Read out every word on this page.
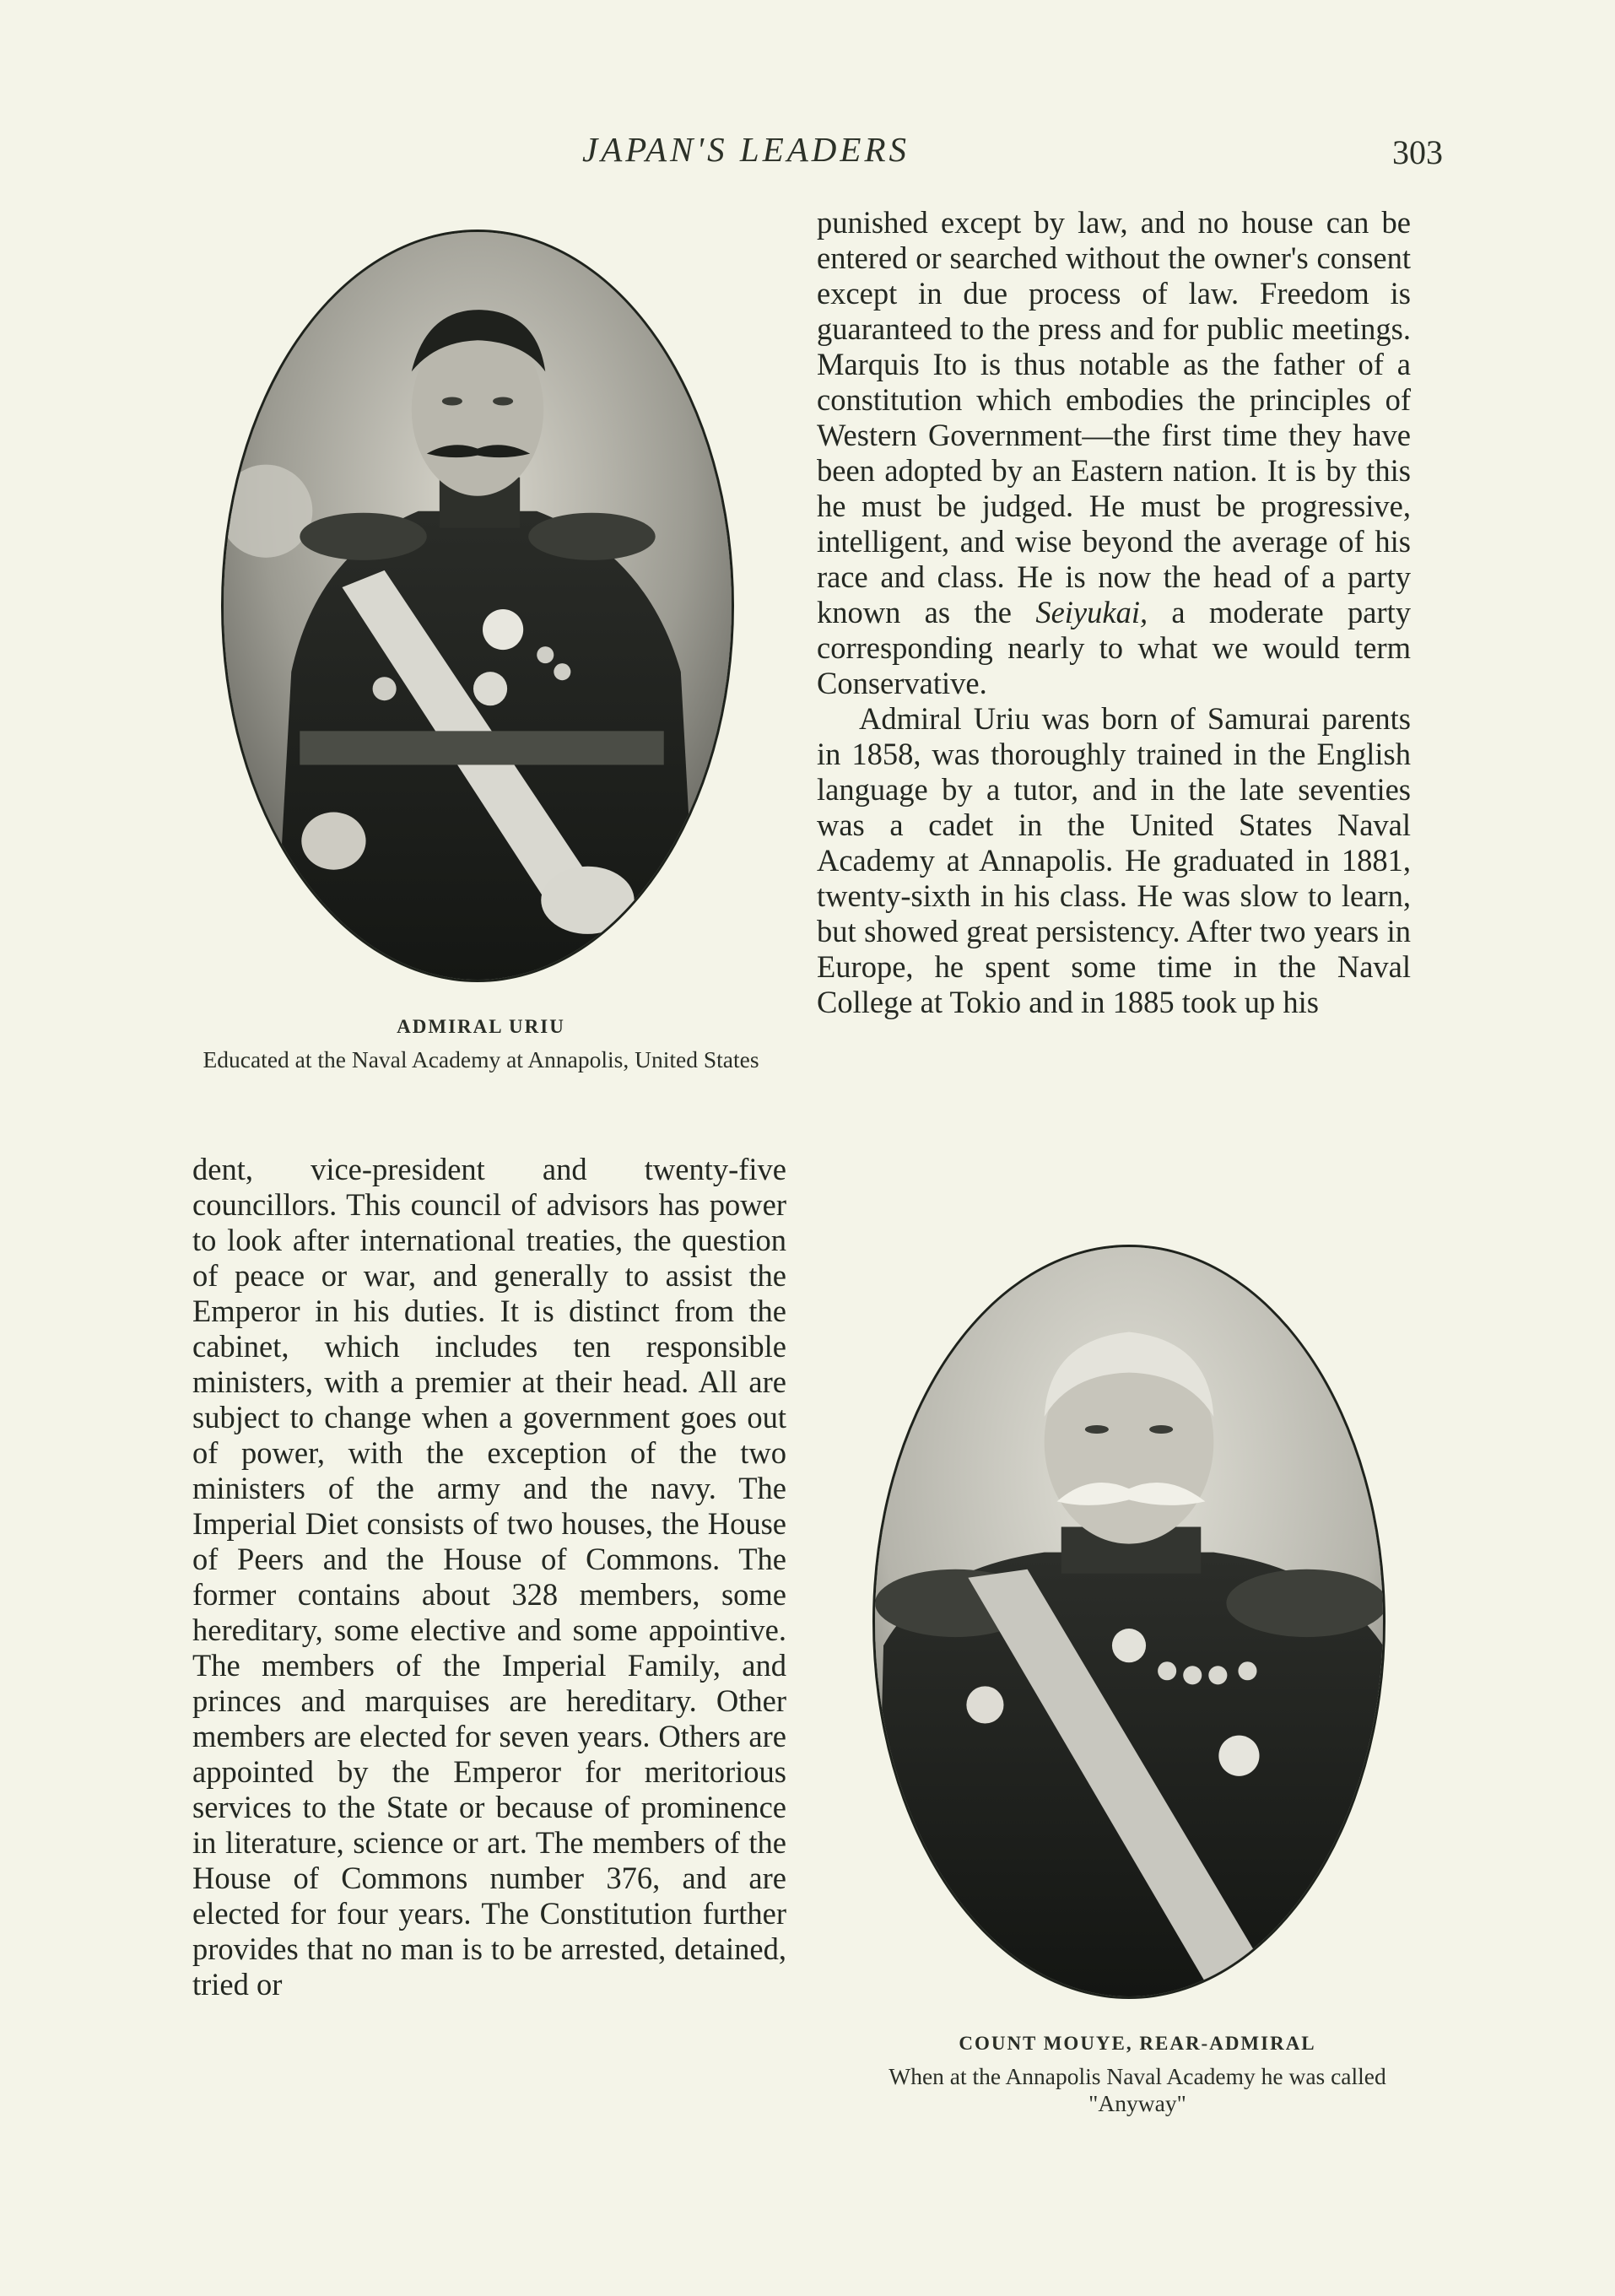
JAPAN'S LEADERS	303
ADMIRAL URIU
Educated at the Naval Academy at Annapolis, United States

punished except by law, and no house can be entered or searched without the owner's consent except in due process of law. Freedom is guaranteed to the press and for public meetings. Marquis Ito is thus notable as the father of a constitution which embodies the principles of Western Government—the first time they have been adopted by an Eastern nation. It is by this he must be judged. He must be progressive, intelligent, and wise beyond the average of his race and class. He is now the head of a party known as the Seiyukai, a moderate party corresponding nearly to what we would term Conservative.

Admiral Uriu was born of Samurai parents in 1858, was thoroughly trained in the English language by a tutor, and in the late seventies was a cadet in the United States Naval Academy at Annapolis. He graduated in 1881, twenty-sixth in his class. He was slow to learn, but showed great persistency. After two years in Europe, he spent some time in the Naval College at Tokio and in 1885 took up his

dent, vice-president and twenty-five councillors. This council of advisors has power to look after international treaties, the question of peace or war, and generally to assist the Emperor in his duties. It is distinct from the cabinet, which includes ten responsible ministers, with a premier at their head. All are subject to change when a government goes out of power, with the exception of the two ministers of the army and the navy. The Imperial Diet consists of two houses, the House of Peers and the House of Commons. The former contains about 328 members, some hereditary, some elective and some appointive. The members of the Imperial Family, and princes and marquises are hereditary. Other members are elected for seven years. Others are appointed by the Emperor for meritorious services to the State or because of prominence in literature, science or art. The members of the House of Commons number 376, and are elected for four years. The Constitution further provides that no man is to be arrested, detained, tried or

COUNT MOUYE, REAR-ADMIRAL
When at the Annapolis Naval Academy he was called "Anyway"
